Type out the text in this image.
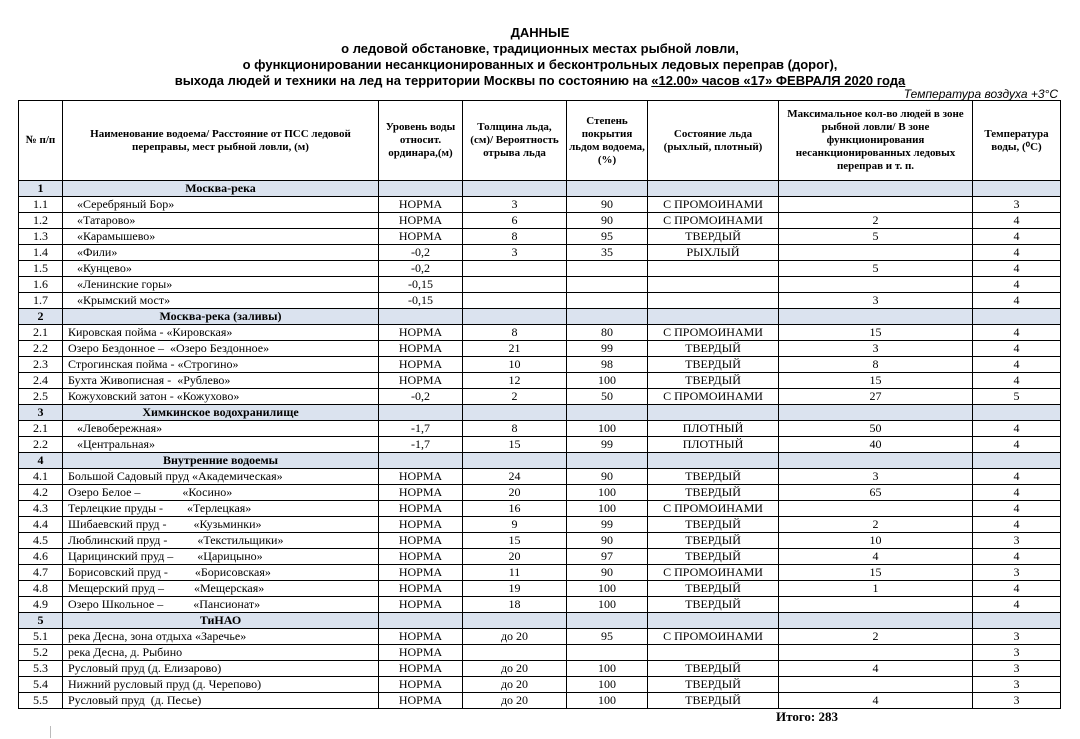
ДАННЫЕ
о ледовой обстановке, традиционных местах рыбной ловли,
о функционировании несанкционированных и бесконтрольных ледовых переправ (дорог),
выхода людей и техники на лед на территории Москвы по состоянию на «12.00» часов «17» ФЕВРАЛЯ 2020 года
Температура воздуха +3°С
№ п/п	Наименование водоема/ Расстояние от ПСС ледовой переправы, мест рыбной ловли, (м)	Уровень воды относит. ординара,(м)	Толщина льда, (см)/ Вероятность отрыва льда	Степень покрытия льдом водоема,(%)	Состояние льда (рыхлый, плотный)	Максимальное кол-во людей в зоне рыбной ловли/ В зоне функционирования несанкционированных ледовых переправ и т. п.	Температура воды, (⁰С)
1	Москва-река						
1.1	«Серебряный Бор»	НОРМА	3	90	С ПРОМОИНАМИ		3
1.2	«Татарово»	НОРМА	6	90	С ПРОМОИНАМИ	2	4
1.3	«Карамышево»	НОРМА	8	95	ТВЕРДЫЙ	5	4
1.4	«Фили»	-0,2	3	35	РЫХЛЫЙ		4
1.5	«Кунцево»	-0,2				5	4
1.6	«Ленинские горы»	-0,15					4
1.7	«Крымский мост»	-0,15				3	4
2	Москва-река (заливы)						
2.1	Кировская пойма - «Кировская»	НОРМА	8	80	С ПРОМОИНАМИ	15	4
2.2	Озеро Бездонное –  «Озеро Бездонное»	НОРМА	21	99	ТВЕРДЫЙ	3	4
2.3	Строгинская пойма - «Строгино»	НОРМА	10	98	ТВЕРДЫЙ	8	4
2.4	Бухта Живописная -  «Рублево»	НОРМА	12	100	ТВЕРДЫЙ	15	4
2.5	Кожуховский затон - «Кожухово»	-0,2	2	50	С ПРОМОИНАМИ	27	5
3	Химкинское водохранилище						
2.1	«Левобережная»	-1,7	8	100	ПЛОТНЫЙ	50	4
2.2	«Центральная»	-1,7	15	99	ПЛОТНЫЙ	40	4
4	Внутренние водоемы						
4.1	Большой Садовый пруд «Академическая»	НОРМА	24	90	ТВЕРДЫЙ	3	4
4.2	Озеро Белое –              «Косино»	НОРМА	20	100	ТВЕРДЫЙ	65	4
4.3	Терлецкие пруды -        «Терлецкая»	НОРМА	16	100	С ПРОМОИНАМИ		4
4.4	Шибаевский пруд -         «Кузьминки»	НОРМА	9	99	ТВЕРДЫЙ	2	4
4.5	Люблинский пруд -          «Текстильщики»	НОРМА	15	90	ТВЕРДЫЙ	10	3
4.6	Царицинский пруд –        «Царицыно»	НОРМА	20	97	ТВЕРДЫЙ	4	4
4.7	Борисовский пруд -         «Борисовская»	НОРМА	11	90	С ПРОМОИНАМИ	15	3
4.8	Мещерский пруд –          «Мещерская»	НОРМА	19	100	ТВЕРДЫЙ	1	4
4.9	Озеро Школьное –          «Пансионат»	НОРМА	18	100	ТВЕРДЫЙ		4
5	ТиНАО						
5.1	река Десна, зона отдыха «Заречье»	НОРМА	до 20	95	С ПРОМОИНАМИ	2	3
5.2	река Десна, д. Рыбино	НОРМА					3
5.3	Русловый пруд (д. Елизарово)	НОРМА	до 20	100	ТВЕРДЫЙ	4	3
5.4	Нижний русловый пруд (д. Черепово)	НОРМА	до 20	100	ТВЕРДЫЙ		3
5.5	Русловый пруд  (д. Песье)	НОРМА	до 20	100	ТВЕРДЫЙ	4	3
Итого: 283
